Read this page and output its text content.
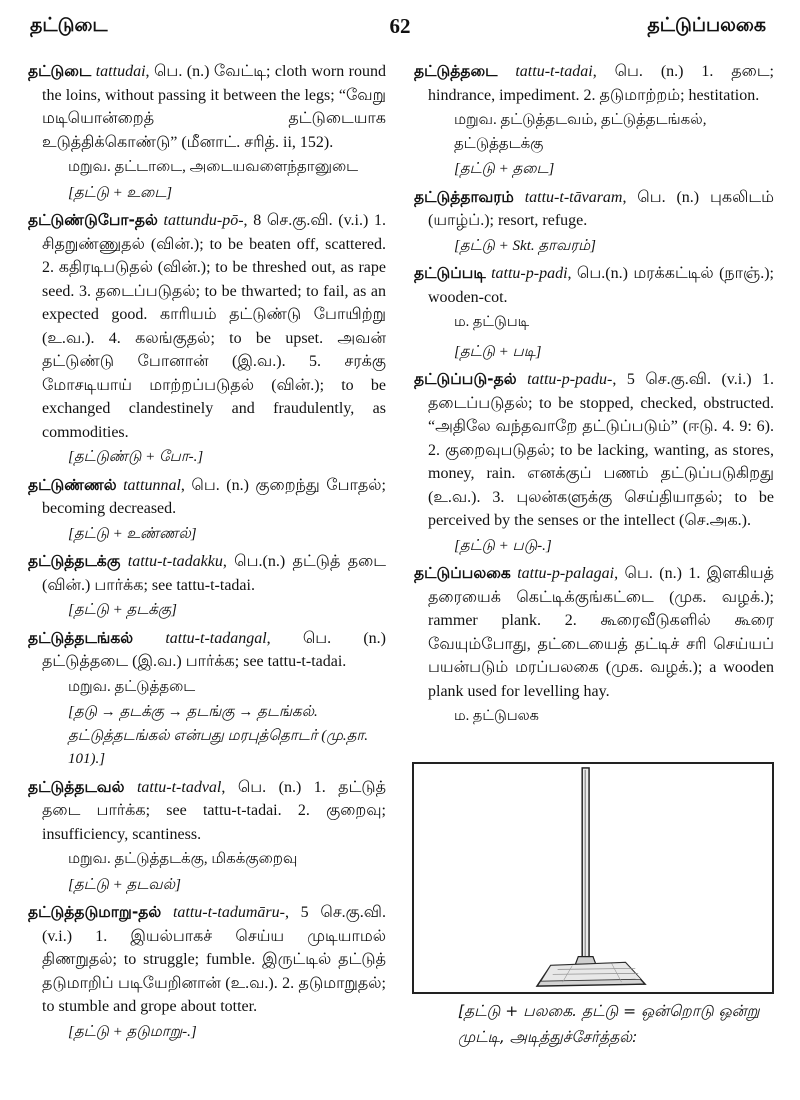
தட்டுடை	62	தட்டுப்பலகை

தட்டுடை tattudai, பெ. (n.) வேட்டி; cloth worn round the loins, without passing it between the legs; “வேறு மடியொன்றைத் தட்டுடையாக உடுத்திக்கொண்டு” (மீனாட். சரித். ii, 152).

மறுவ. தட்டாடை, அடையவளைந்தானுடை
[தட்டு + உடை]

தட்டுண்டுபோ-தல் tattundu-pō-, 8 செ.கு.வி. (v.i.) 1. சிதறுண்ணுதல் (வின்.); to be beaten off, scattered. 2. கதிரடிபடுதல் (வின்.); to be threshed out, as rape seed. 3. தடைப்படுதல்; to be thwarted; to fail, as an expected good. காரியம் தட்டுண்டு போயிற்று (உ.வ.). 4. கலங்குதல்; to be upset. அவன் தட்டுண்டு போனான் (இ.வ.). 5. சரக்கு மோசடியாய் மாற்றப்படுதல் (வின்.); to be exchanged clandestinely and fraudulently, as commodities.

[தட்டுண்டு + போ-.]

தட்டுண்ணல் tattunnal, பெ. (n.) குறைந்து போதல்; becoming decreased.

[தட்டு + உண்ணல்]

தட்டுத்தடக்கு tattu-t-tadakku, பெ.(n.) தட்டுத் தடை (வின்.) பார்க்க; see tattu-t-tadai.

[தட்டு + தடக்கு]

தட்டுத்தடங்கல் tattu-t-tadangal, பெ. (n.) தட்டுத்தடை (இ.வ.) பார்க்க; see tattu-t-tadai.

மறுவ. தட்டுத்தடை
[தடு → தடக்கு → தடங்கு → தடங்கல். தட்டுத்தடங்கல் என்பது மரபுத்தொடர் (மு.தா. 101).]

தட்டுத்தடவல் tattu-t-tadval, பெ. (n.) 1. தட்டுத் தடை பார்க்க; see tattu-t-tadai. 2. குறைவு; insufficiency, scantiness.

மறுவ. தட்டுத்தடக்கு, மிகக்குறைவு
[தட்டு + தடவல்]

தட்டுத்தடுமாறு-தல் tattu-t-tadumāru-, 5 செ.கு.வி. (v.i.) 1. இயல்பாகச் செய்ய முடியாமல் திணறுதல்; to struggle; fumble. இருட்டில் தட்டுத் தடுமாறிப் படியேறினான் (உ.வ.). 2. தடுமாறுதல்; to stumble and grope about totter.

[தட்டு + தடுமாறு-.]

தட்டுத்தடை tattu-t-tadai, பெ. (n.) 1. தடை; hindrance, impediment. 2. தடுமாற்றம்; hestitation.

மறுவ. தட்டுத்தடவம், தட்டுத்தடங்கல், தட்டுத்தடக்கு
[தட்டு + தடை]

தட்டுத்தாவரம் tattu-t-tāvaram, பெ. (n.) புகலிடம் (யாழ்ப்.); resort, refuge.

[தட்டு + Skt. தாவரம்]

தட்டுப்படி tattu-p-padi, பெ.(n.) மரக்கட்டில் (நாஞ்.); wooden-cot.

ம. தட்டுபடி
[தட்டு + படி]

தட்டுப்படு-தல் tattu-p-padu-, 5 செ.கு.வி. (v.i.) 1. தடைப்படுதல்; to be stopped, checked, obstructed. “அதிலே வந்தவாறே தட்டுப்படும்” (ஈடு. 4. 9: 6). 2. குறைவுபடுதல்; to be lacking, wanting, as stores, money, rain. எனக்குப் பணம் தட்டுப்படுகிறது (உ.வ.). 3. புலன்களுக்கு செய்தியாதல்; to be perceived by the senses or the intellect (செ.அக.).

[தட்டு + படு-.]

தட்டுப்பலகை tattu-p-palagai, பெ. (n.) 1. இளகியத் தரையைக் கெட்டிக்குங்கட்டை (முக. வழக்.); rammer plank. 2. கூரைவீடுகளில் கூரை வேயும்போது, தட்டையைத் தட்டிச் சரி செய்யப் பயன்படும் மரப்பலகை (முக. வழக்.); a wooden plank used for levelling hay.

ம. தட்டுபலக
[தட்டு + பலகை. தட்டு = ஒன்றொடு ஒன்று முட்டி, அடித்துச்சேர்த்தல்:
